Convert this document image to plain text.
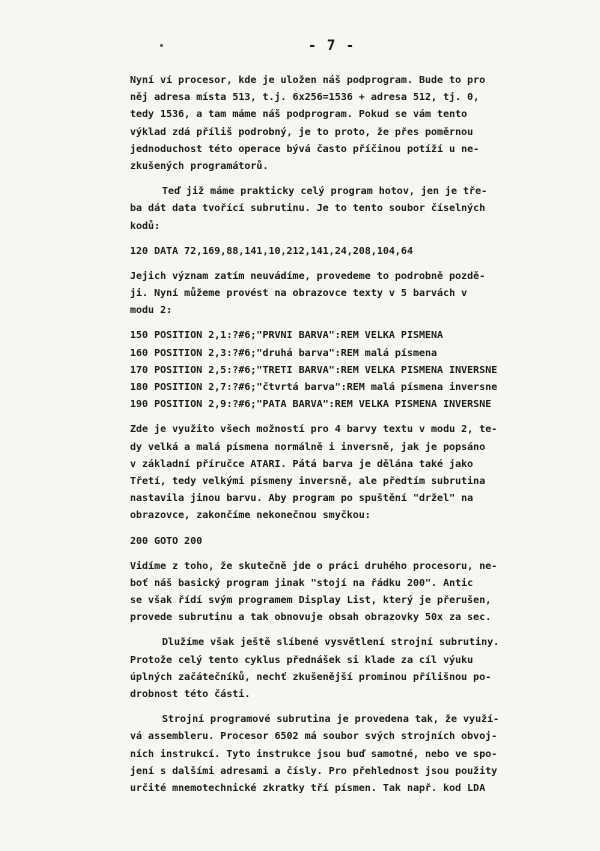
- 7 -
Nyní ví procesor, kde je uložen náš podprogram. Bude to pro
něj adresa místa 513, t.j. 6x256=1536 + adresa 512, tj. 0,
tedy 1536, a tam máme náš podprogram. Pokud se vám tento
výklad zdá příliš podrobný, je to proto, že přes poměrnou
jednoduchost této operace bývá často příčinou potíží u ne-
zkušených programátorů.
Teď již máme prakticky celý program hotov, jen je tře-
ba dát data tvořící subrutinu. Je to tento soubor číselných
kodů:
120 DATA 72,169,88,141,10,212,141,24,208,104,64
Jejich význam zatím neuvádíme, provedeme to podrobně pozdě-
ji. Nyní můžeme provést na obrazovce texty v 5 barvách v
modu 2:
150 POSITION 2,1:?#6;"PRVNI BARVA":REM VELKA PISMENA
160 POSITION 2,3:?#6;"druhá barva":REM malá písmena
170 POSITION 2,5:?#6;"TRETI BARVA":REM VELKA PISMENA INVERSNE
180 POSITION 2,7:?#6;"čtvrtá barva":REM malá písmena inversne
190 POSITION 2,9:?#6;"PATA BARVA":REM VELKA PISMENA INVERSNE
Zde je využito všech možností pro 4 barvy textu v modu 2, te-
dy velká a malá písmena normálně i inversně, jak je popsáno
v základní příručce ATARI. Pátá barva je dělána také jako
Třetí, tedy velkými písmeny inversně, ale předtím subrutina
nastavila jinou barvu. Aby program po spuštění "držel" na
obrazovce, zakončíme nekonečnou smyčkou:
200 GOTO 200
Vidíme z toho, že skutečně jde o práci druhého procesoru, ne-
boť náš basický program jinak "stojí na řádku 200". Antic
se však řídí svým programem Display List, který je přerušen,
provede subrutinu a tak obnovuje obsah obrazovky 50x za sec.
Dlužíme však ještě slíbené vysvětlení strojní subrutiny.
Protože celý tento cyklus přednášek si klade za cíl výuku
úplných začátečníků, nechť zkušenější prominou přílišnou po-
drobnost této části.
Strojní programové subrutina je provedena tak, že využí-
vá assembleru. Procesor 6502 má soubor svých strojních obvoj-
ních instrukcí. Tyto instrukce jsou buď samotné, nebo ve spo-
jení s dalšími adresami a čísly. Pro přehlednost jsou použity
určité mnemotechnické zkratky tří písmen. Tak např. kod LDA
